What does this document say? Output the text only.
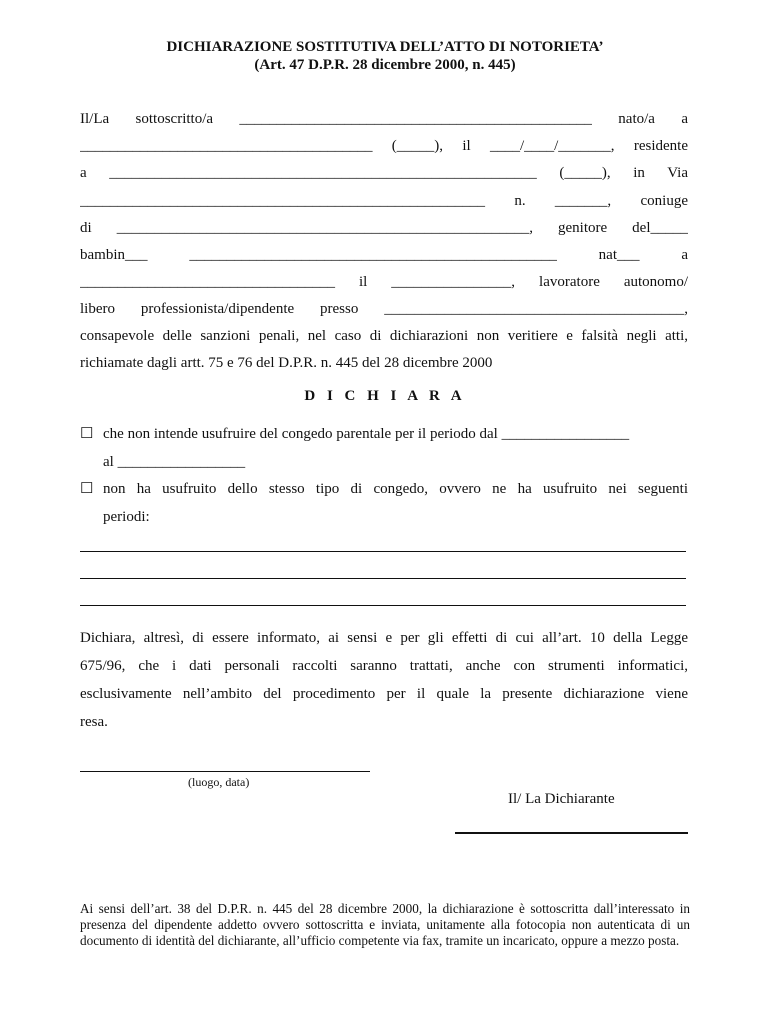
DICHIARAZIONE SOSTITUTIVA DELL’ATTO DI NOTORIETA’
(Art. 47 D.P.R. 28 dicembre 2000, n. 445)
Il/La sottoscritto/a _______________________________________________ nato/a a
_______________________________________ (_____), il ____/____/_______, residente
a _________________________________________________________ (_____), in Via
______________________________________________________ n. _______, coniuge
di _______________________________________________________, genitore del_____
bambin___ _________________________________________________ nat___ a
__________________________________ il ________________, lavoratore autonomo/
libero professionista/dipendente presso ________________________________________,
consapevole delle sanzioni penali, nel caso di dichiarazioni non veritiere e falsità negli atti,
richiamate dagli artt. 75 e 76 del D.P.R. n. 445 del 28 dicembre 2000
D I C H I A R A
☐ che non intende usufruire del congedo parentale per il periodo dal _________________
al _________________
☐ non ha usufruito dello stesso tipo di congedo, ovvero ne ha usufruito nei seguenti
periodi:
Dichiara, altresì, di essere informato, ai sensi e per gli effetti di cui all’art. 10 della Legge
675/96, che i dati personali raccolti saranno trattati, anche con strumenti informatici,
esclusivamente nell’ambito del procedimento per il quale la presente dichiarazione viene
resa.
(luogo, data)
Il/ La Dichiarante
Ai sensi dell’art. 38 del D.P.R. n. 445 del 28 dicembre 2000, la dichiarazione è sottoscritta dall’interessato in presenza del dipendente addetto ovvero sottoscritta e inviata, unitamente alla fotocopia non autenticata di un documento di identità del dichiarante, all’ufficio competente via fax, tramite un incaricato, oppure a mezzo posta.
